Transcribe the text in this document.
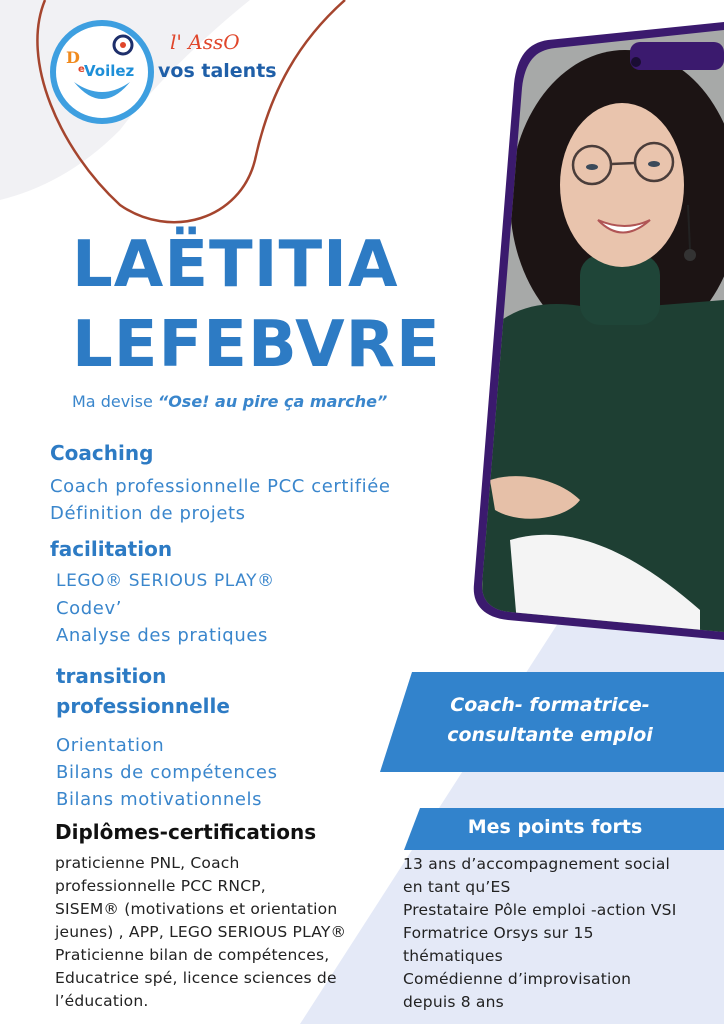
D
e Voilez
l' AssO
vos talents
LAËTITIA
LEFEBVRE
Ma devise “Ose! au pire ça marche”
Coaching
Coach professionnelle PCC certifiée
Définition de projets
facilitation
LEGO® SERIOUS PLAY®
Codev’
Analyse des pratiques
transition
professionnelle
Orientation
Bilans de compétences
Bilans motivationnels
Diplômes-certifications
praticienne PNL, Coach
professionnelle PCC RNCP,
SISEM® (motivations et orientation
jeunes) , APP, LEGO SERIOUS PLAY®
Praticienne bilan de compétences,
Educatrice spé, licence sciences de
l’éducation.
Coach- formatrice-
consultante emploi
Mes points forts
13 ans d’accompagnement social
en tant qu’ES
Prestataire Pôle emploi -action VSI
Formatrice Orsys sur 15
thématiques
Comédienne d’improvisation
depuis 8 ans
